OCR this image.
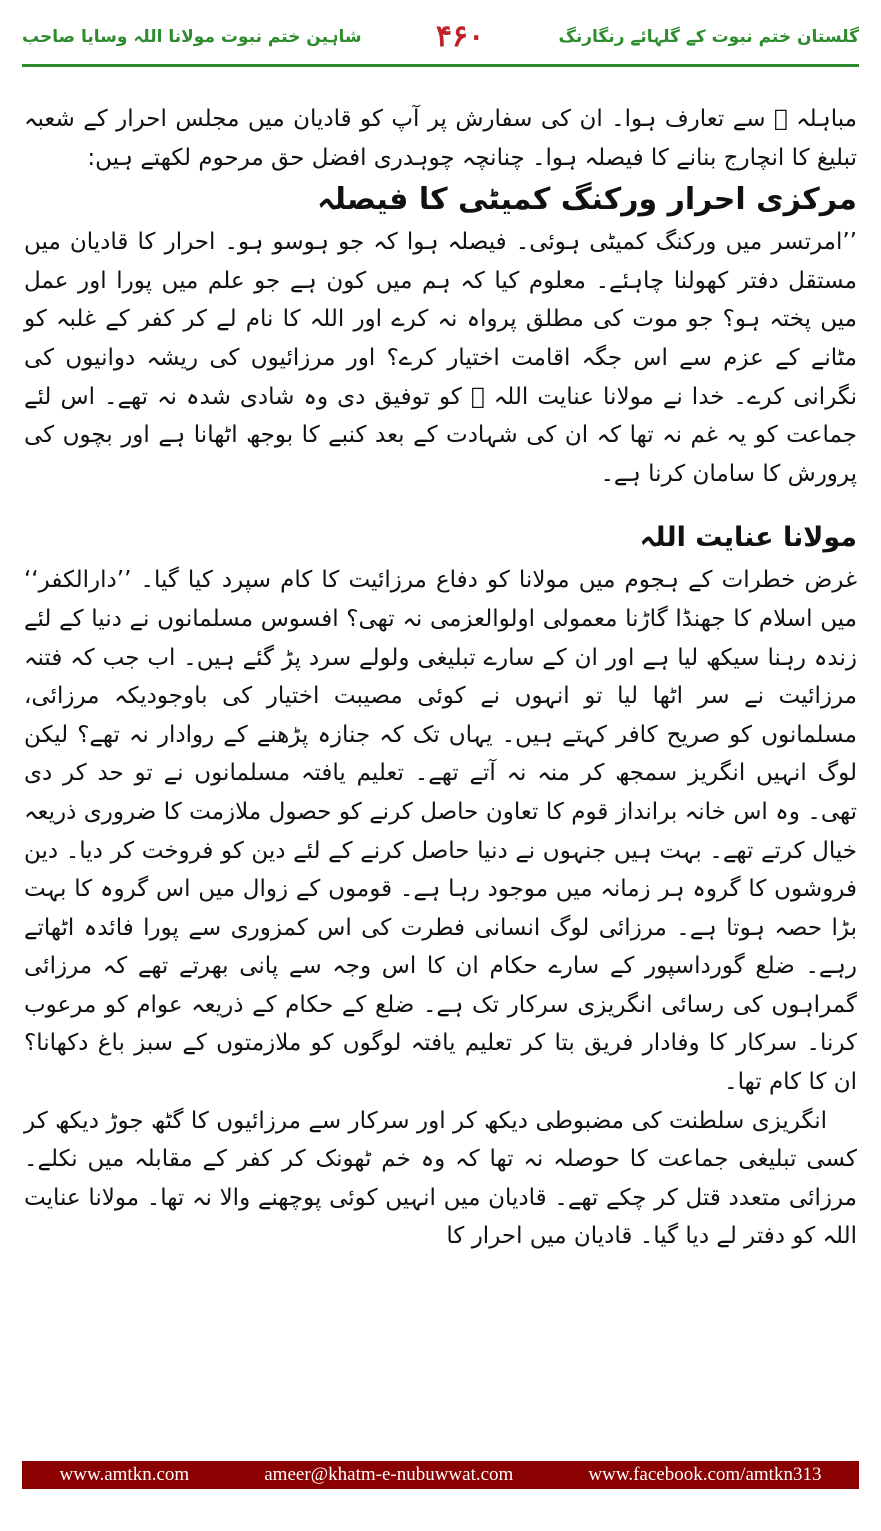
شاہین ختم نبوت مولانا اللہ وسایا صاحب ۴۶۰	گلستان ختم نبوت کے گلہائے رنگارنگ

مباہلہ ﷫ سے تعارف ہوا۔ ان کی سفارش پر آپ کو قادیان میں مجلس احرار کے شعبہ تبلیغ کا انچارج بنانے کا فیصلہ ہوا۔ چنانچہ چوہدری افضل حق مرحوم لکھتے ہیں:

مرکزی احرار ورکنگ کمیٹی کا فیصلہ

’’امرتسر میں ورکنگ کمیٹی ہوئی۔ فیصلہ ہوا کہ جو ہوسو ہو۔ احرار کا قادیان میں مستقل دفتر کھولنا چاہئے۔ معلوم کیا کہ ہم میں کون ہے جو علم میں پورا اور عمل میں پختہ ہو؟ جو موت کی مطلق پرواہ نہ کرے اور اللہ کا نام لے کر کفر کے غلبہ کو مٹانے کے عزم سے اس جگہ اقامت اختیار کرے؟ اور مرزائیوں کی ریشہ دوانیوں کی نگرانی کرے۔ خدا نے مولانا عنایت اللہ ﷫ کو توفیق دی وہ شادی شدہ نہ تھے۔ اس لئے جماعت کو یہ غم نہ تھا کہ ان کی شہادت کے بعد کنبے کا بوجھ اٹھانا ہے اور بچوں کی پرورش کا سامان کرنا ہے۔

مولانا عنایت اللہ

غرض خطرات کے ہجوم میں مولانا کو دفاع مرزائیت کا کام سپرد کیا گیا۔ ’’دارالکفر‘‘ میں اسلام کا جھنڈا گاڑنا معمولی اولوالعزمی نہ تھی؟ افسوس مسلمانوں نے دنیا کے لئے زندہ رہنا سیکھ لیا ہے اور ان کے سارے تبلیغی ولولے سرد پڑ گئے ہیں۔ اب جب کہ فتنہ مرزائیت نے سر اٹھا لیا تو انہوں نے کوئی مصیبت اختیار کی باوجودیکہ مرزائی، مسلمانوں کو صریح کافر کہتے ہیں۔ یہاں تک کہ جنازہ پڑھنے کے روادار نہ تھے؟ لیکن لوگ انہیں انگریز سمجھ کر منہ نہ آتے تھے۔ تعلیم یافتہ مسلمانوں نے تو حد کر دی تھی۔ وہ اس خانہ برانداز قوم کا تعاون حاصل کرنے کو حصول ملازمت کا ضروری ذریعہ خیال کرتے تھے۔ بہت ہیں جنہوں نے دنیا حاصل کرنے کے لئے دین کو فروخت کر دیا۔ دین فروشوں کا گروہ ہر زمانہ میں موجود رہا ہے۔ قوموں کے زوال میں اس گروہ کا بہت بڑا حصہ ہوتا ہے۔ مرزائی لوگ انسانی فطرت کی اس کمزوری سے پورا فائدہ اٹھاتے رہے۔ ضلع گورداسپور کے سارے حکام ان کا اس وجہ سے پانی بھرتے تھے کہ مرزائی گمراہوں کی رسائی انگریزی سرکار تک ہے۔ ضلع کے حکام کے ذریعہ عوام کو مرعوب کرنا۔ سرکار کا وفادار فریق بتا کر تعلیم یافتہ لوگوں کو ملازمتوں کے سبز باغ دکھانا؟ ان کا کام تھا۔

انگریزی سلطنت کی مضبوطی دیکھ کر اور سرکار سے مرزائیوں کا گٹھ جوڑ دیکھ کر کسی تبلیغی جماعت کا حوصلہ نہ تھا کہ وہ خم ٹھونک کر کفر کے مقابلہ میں نکلے۔ مرزائی متعدد قتل کر چکے تھے۔ قادیان میں انہیں کوئی پوچھنے والا نہ تھا۔ مولانا عنایت اللہ کو دفتر لے دیا گیا۔ قادیان میں احرار کا

www.amtkn.com	ameer@khatm-e-nubuwwat.com	www.facebook.com/amtkn313
